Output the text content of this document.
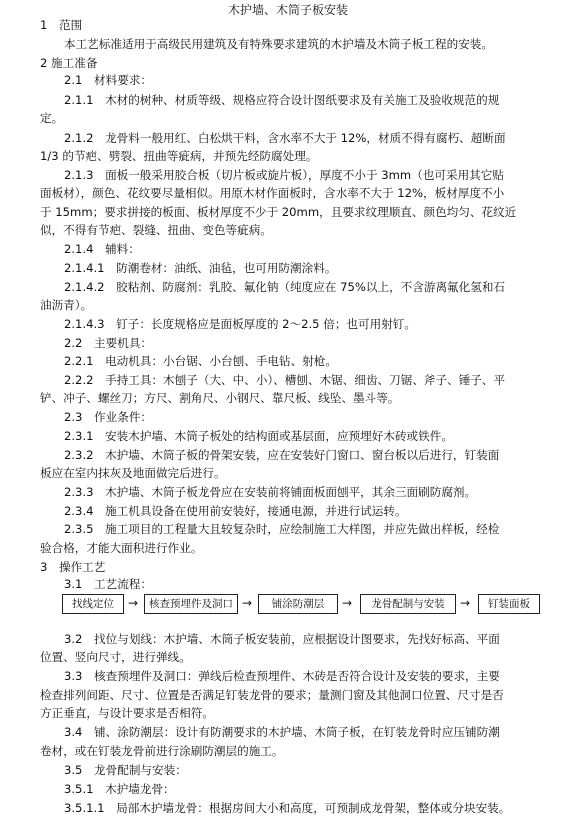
木护墙、木筒子板安装
1　范围
本工艺标准适用于高级民用建筑及有特殊要求建筑的木护墙及木筒子板工程的安装。
2 施工准备
2.1　材料要求：
2.1.1　木材的树种、材质等级、规格应符合设计图纸要求及有关施工及验收规范的规
定。
2.1.2　龙骨料一般用红、白松烘干料，含水率不大于 12%，材质不得有腐朽、超断面
1/3 的节疤、劈裂、扭曲等疵病，并预先经防腐处理。
2.1.3　面板一般采用胶合板（切片板或旋片板），厚度不小于 3mm（也可采用其它贴
面板材），颜色、花纹要尽量相似。用原木材作面板时，含水率不大于 12%，板材厚度不小
于 15mm；要求拼接的板面、板材厚度不少于 20mm，且要求纹理顺直、颜色均匀、花纹近
似，不得有节疤、裂缝、扭曲、变色等疵病。
2.1.4　辅料：
2.1.4.1　防潮卷材：油纸、油毡，也可用防潮涂料。
2.1.4.2　胶粘剂、防腐剂：乳胶、氟化钠（纯度应在 75%以上，不含游离氟化氢和石
油沥青）。
2.1.4.3　钉子：长度规格应是面板厚度的 2～2.5 倍；也可用射钉。
2.2　主要机具：
2.2.1　电动机具：小台锯、小台刨、手电钻、射枪。
2.2.2　手持工具：木刨子（大、中、小）、槽刨、木锯、细齿、刀锯、斧子、锤子、平
铲、冲子、螺丝刀；方尺、割角尺、小钢尺、靠尺板、线坠、墨斗等。
2.3　作业条件：
2.3.1　安装木护墙、木筒子板处的结构面或基层面，应预埋好木砖或铁件。
2.3.2　木护墙、木筒子板的骨架安装，应在安装好门窗口、窗台板以后进行，钉装面
板应在室内抹灰及地面做完后进行。
2.3.3　木护墙、木筒子板龙骨应在安装前将铺面板面刨平，其余三面刷防腐剂。
2.3.4　施工机具设备在使用前安装好，接通电源，并进行试运转。
2.3.5　施工项目的工程量大且较复杂时，应绘制施工大样图，并应先做出样板，经检
验合格，才能大面积进行作业。
3　操作工艺
3.1　工艺流程：
找线定位	→	核查预埋件及洞口 →	铺涂防潮层	→	龙骨配制与安装	→	钉装面板
3.2　找位与划线：木护墙、木筒子板安装前，应根据设计图要求，先找好标高、平面
位置、竖向尺寸，进行弹线。
3.3　核查预埋件及洞口：弹线后检查预埋件、木砖是否符合设计及安装的要求，主要
检查排列间距、尺寸、位置是否满足钉装龙骨的要求；量测门窗及其他洞口位置、尺寸是否
方正垂直，与设计要求是否相符。
3.4　铺、涂防潮层：设计有防潮要求的木护墙、木筒子板，在钉装龙骨时应压铺防潮
卷材，或在钉装龙骨前进行涂刷防潮层的施工。
3.5　龙骨配制与安装：
3.5.1　木护墙龙骨：
3.5.1.1　局部木护墙龙骨：根据房间大小和高度，可预制成龙骨架，整体或分块安装。
